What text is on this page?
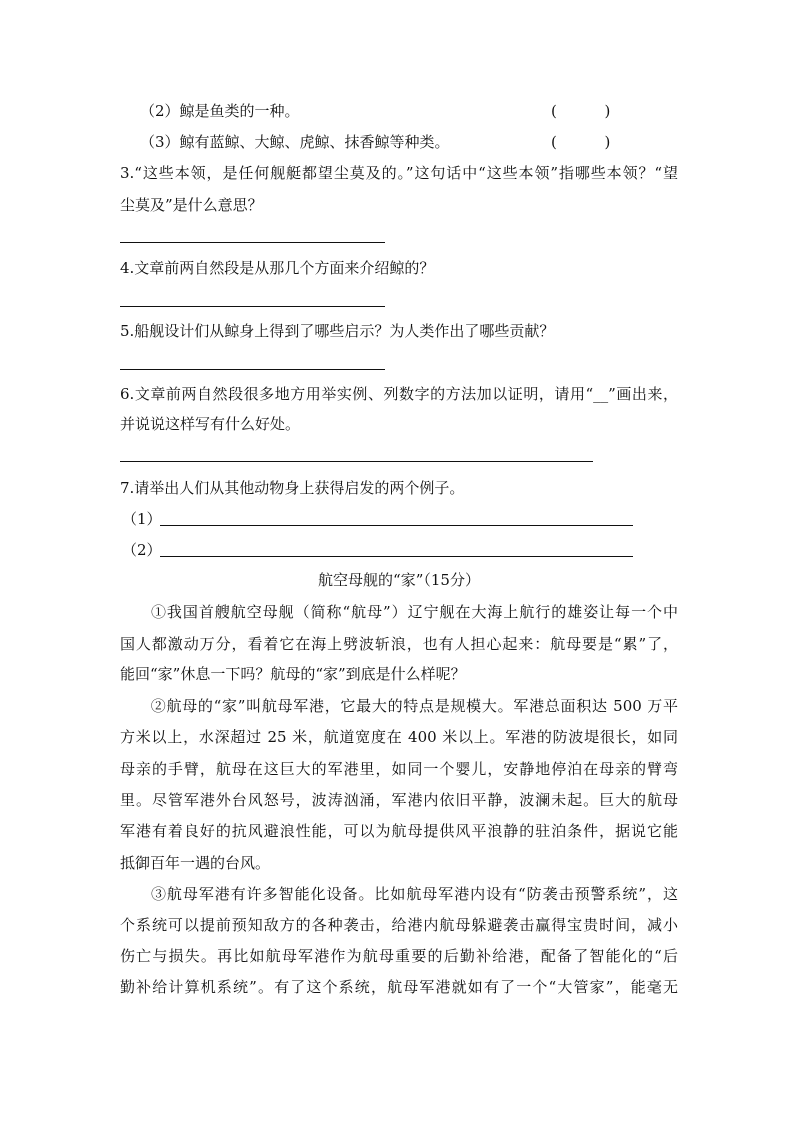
（2）鲸是鱼类的一种。	(          )
（3）鲸有蓝鲸、大鲸、虎鲸、抹香鲸等种类。	(          )
3.“这些本领，是任何舰艇都望尘莫及的。”这句话中“这些本领”指哪些本领？“望
尘莫及”是什么意思？
4.文章前两自然段是从那几个方面来介绍鲸的？
5.船舰设计们从鲸身上得到了哪些启示？为人类作出了哪些贡献？
6.文章前两自然段很多地方用举实例、列数字的方法加以证明，请用“__”画出来，
并说说这样写有什么好处。
7.请举出人们从其他动物身上获得启发的两个例子。
（1）
（2）
航空母舰的“家”（15分）
①我国首艘航空母舰（简称“航母”）辽宁舰在大海上航行的雄姿让每一个中
国人都激动万分，看着它在海上劈波斩浪，也有人担心起来：航母要是“累”了，
能回“家”休息一下吗？航母的“家”到底是什么样呢？
②航母的“家”叫航母军港，它最大的特点是规模大。军港总面积达 500 万平
方米以上，水深超过 25 米，航道宽度在 400 米以上。军港的防波堤很长，如同
母亲的手臂，航母在这巨大的军港里，如同一个婴儿，安静地停泊在母亲的臂弯
里。尽管军港外台风怒号，波涛汹涌，军港内依旧平静，波澜未起。巨大的航母
军港有着良好的抗风避浪性能，可以为航母提供风平浪静的驻泊条件，据说它能
抵御百年一遇的台风。
③航母军港有许多智能化设备。比如航母军港内设有“防袭击预警系统”，这
个系统可以提前预知敌方的各种袭击，给港内航母躲避袭击赢得宝贵时间，减小
伤亡与损失。再比如航母军港作为航母重要的后勤补给港，配备了智能化的“后
勤补给计算机系统”。有了这个系统，航母军港就如有了一个“大管家”，能毫无
